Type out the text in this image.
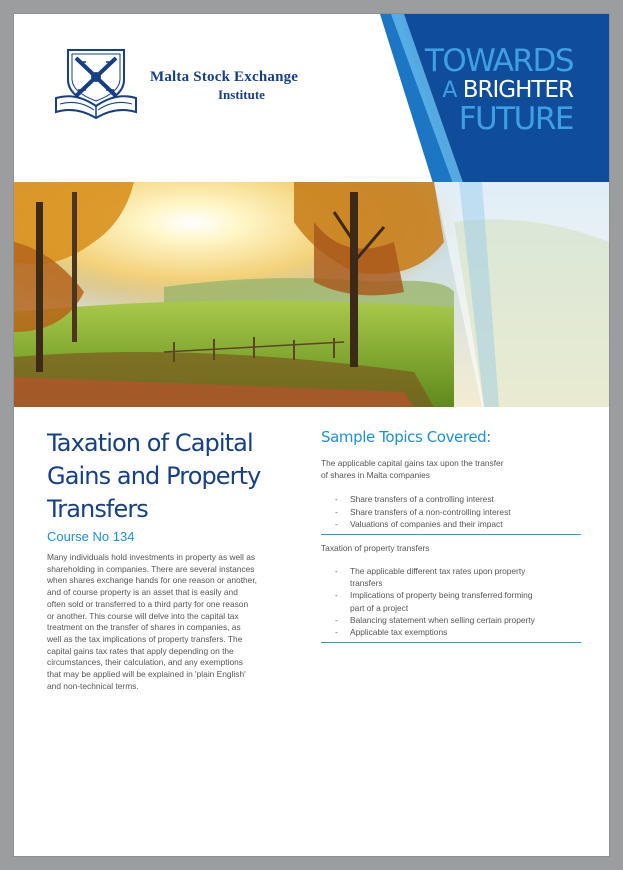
Malta Stock Exchange
Institute
TOWARDS
A BRIGHTER
FUTURE
Taxation of Capital
Gains and Property
Transfers
Course No 134
Many individuals hold investments in property as well as
shareholding in companies. There are several instances
when shares exchange hands for one reason or another,
and of course property is an asset that is easily and
often sold or transferred to a third party for one reason
or another. This course will delve into the capital tax
treatment on the transfer of shares in companies, as
well as the tax implications of property transfers. The
capital gains tax rates that apply depending on the
circumstances, their calculation, and any exemptions
that may be applied will be explained in 'plain English'
and non-technical terms.
Sample Topics Covered:
The applicable capital gains tax upon the transfer
of shares in Malta companies
- Share transfers of a controlling interest
- Share transfers of a non-controlling interest
- Valuations of companies and their impact
Taxation of property transfers
- The applicable different tax rates upon property
transfers
- Implications of property being transferred forming
part of a project
- Balancing statement when selling certain property
- Applicable tax exemptions
